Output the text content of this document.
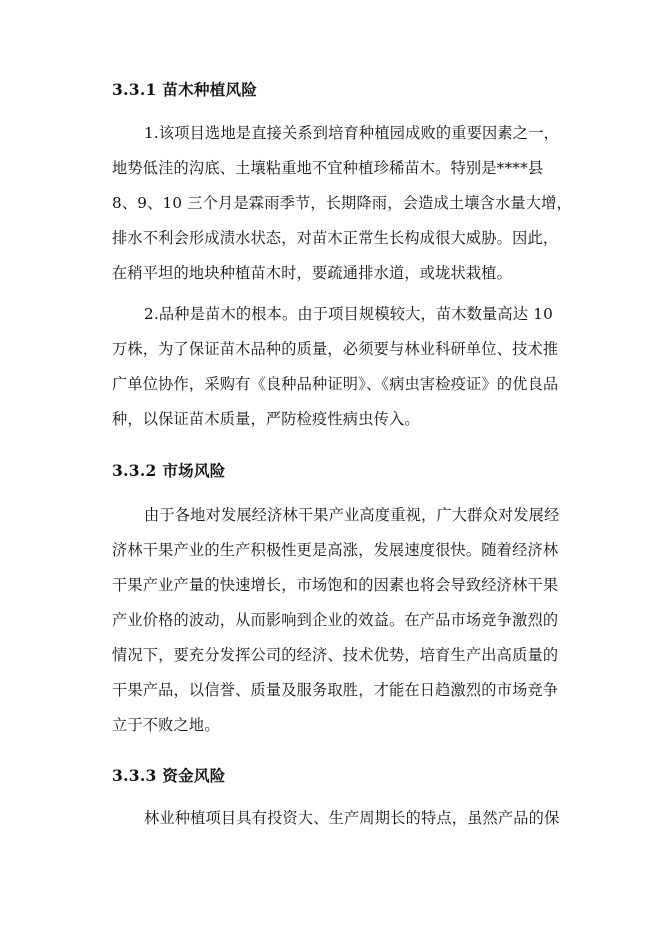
3.3.1 苗木种植风险
1.该项目选地是直接关系到培育种植园成败的重要因素之一，
地势低洼的沟底、土壤粘重地不宜种植珍稀苗木。特别是****县
8、9、10 三个月是霖雨季节，长期降雨，会造成土壤含水量大增，
排水不利会形成渍水状态，对苗木正常生长构成很大威胁。因此，
在稍平坦的地块种植苗木时，要疏通排水道，或垅状栽植。
2.品种是苗木的根本。由于项目规模较大，苗木数量高达 10
万株，为了保证苗木品种的质量，必须要与林业科研单位、技术推
广单位协作，采购有《良种品种证明》、《病虫害检疫证》的优良品
种，以保证苗木质量，严防检疫性病虫传入。
3.3.2 市场风险
由于各地对发展经济林干果产业高度重视，广大群众对发展经
济林干果产业的生产积极性更是高涨，发展速度很快。随着经济林
干果产业产量的快速增长，市场饱和的因素也将会导致经济林干果
产业价格的波动，从而影响到企业的效益。在产品市场竞争激烈的
情况下，要充分发挥公司的经济、技术优势，培育生产出高质量的
干果产品，以信誉、质量及服务取胜，才能在日趋激烈的市场竞争
立于不败之地。
3.3.3 资金风险
林业种植项目具有投资大、生产周期长的特点，虽然产品的保
